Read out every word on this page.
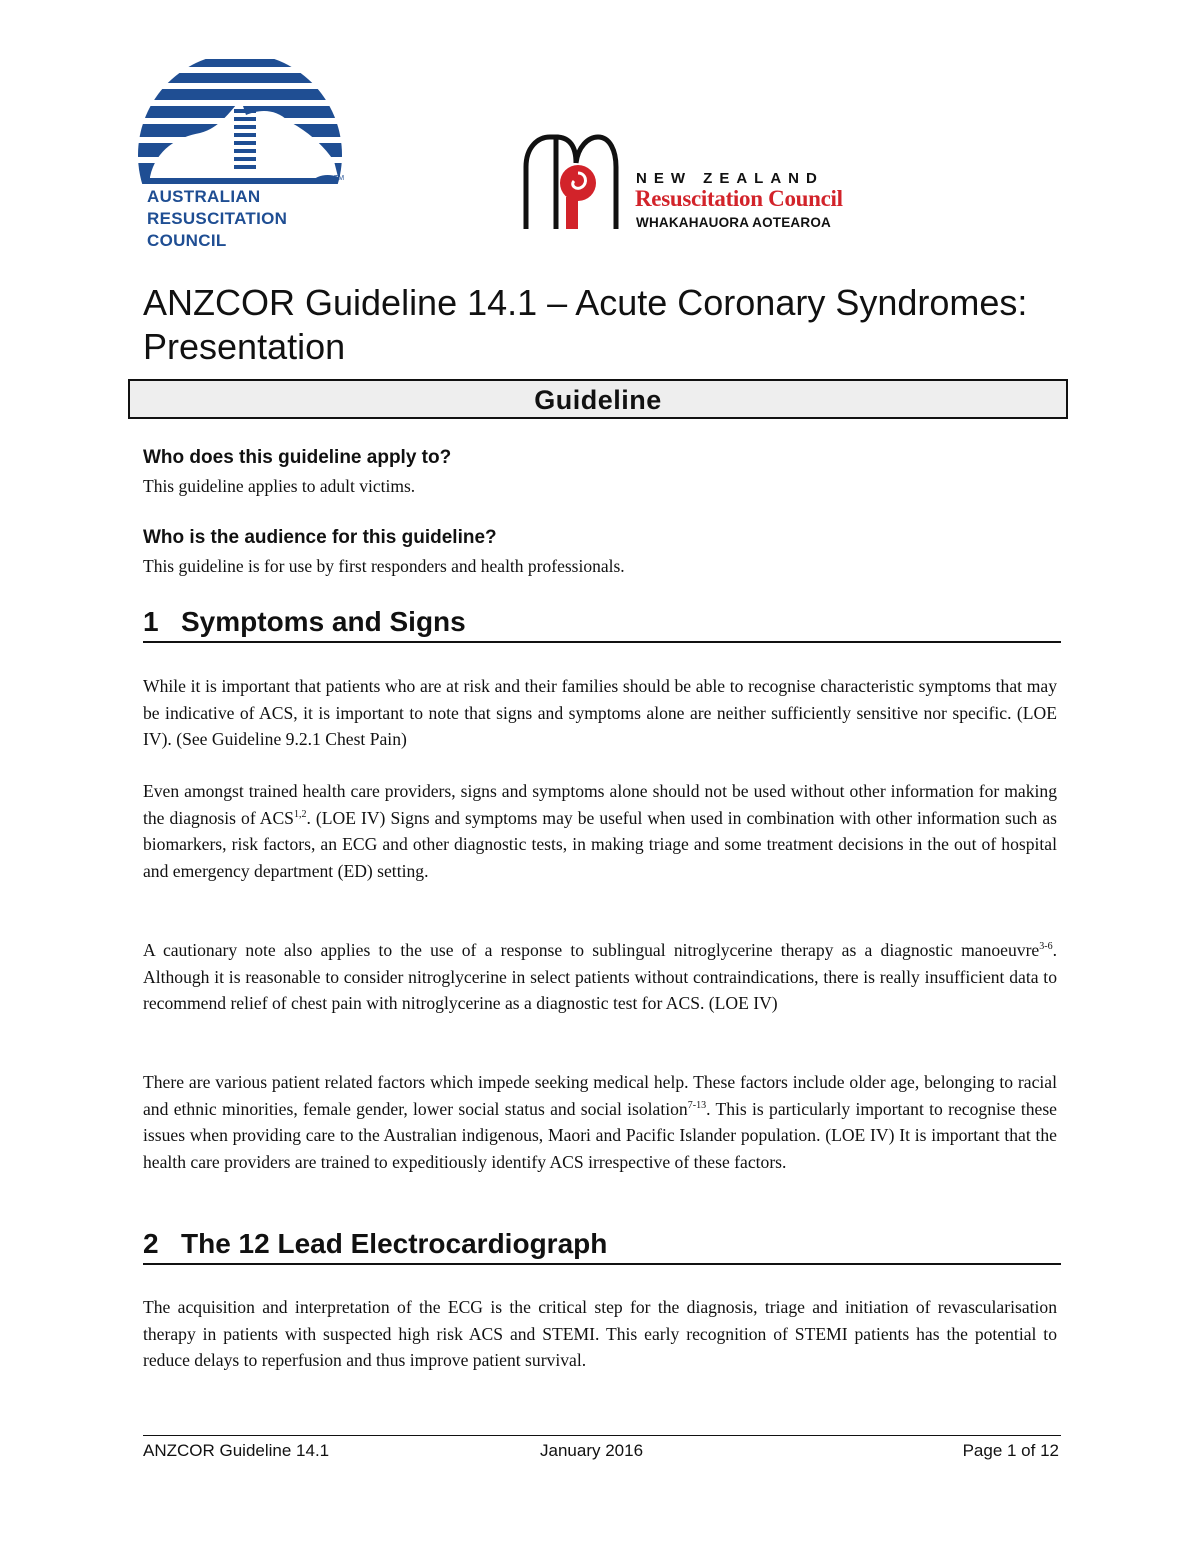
TM
AUSTRALIAN
RESUSCITATION
COUNCIL
NEW ZEALAND
Resuscitation Council
WHAKAHAUORA AOTEAROA
ANZCOR Guideline 14.1 – Acute Coronary Syndromes: Presentation
Guideline
Who does this guideline apply to?
This guideline applies to adult victims.
Who is the audience for this guideline?
This guideline is for use by first responders and health professionals.
1 Symptoms and Signs

While it is important that patients who are at risk and their families should be able to recognise characteristic symptoms that may be indicative of ACS, it is important to note that signs and symptoms alone are neither sufficiently sensitive nor specific. (LOE IV). (See Guideline 9.2.1 Chest Pain)

Even amongst trained health care providers, signs and symptoms alone should not be used without other information for making the diagnosis of ACS$^{1,2}$. (LOE IV) Signs and symptoms may be useful when used in combination with other information such as biomarkers, risk factors, an ECG and other diagnostic tests, in making triage and some treatment decisions in the out of hospital and emergency department (ED) setting.

A cautionary note also applies to the use of a response to sublingual nitroglycerine therapy as a diagnostic manoeuvre$^{3-6}$. Although it is reasonable to consider nitroglycerine in select patients without contraindications, there is really insufficient data to recommend relief of chest pain with nitroglycerine as a diagnostic test for ACS. (LOE IV)

There are various patient related factors which impede seeking medical help. These factors include older age, belonging to racial and ethnic minorities, female gender, lower social status and social isolation$^{7-13}$. This is particularly important to recognise these issues when providing care to the Australian indigenous, Maori and Pacific Islander population. (LOE IV) It is important that the health care providers are trained to expeditiously identify ACS irrespective of these factors.

2 The 12 Lead Electrocardiograph

The acquisition and interpretation of the ECG is the critical step for the diagnosis, triage and initiation of revascularisation therapy in patients with suspected high risk ACS and STEMI. This early recognition of STEMI patients has the potential to reduce delays to reperfusion and thus improve patient survival.

ANZCOR Guideline 14.1	January 2016	Page 1 of 12
